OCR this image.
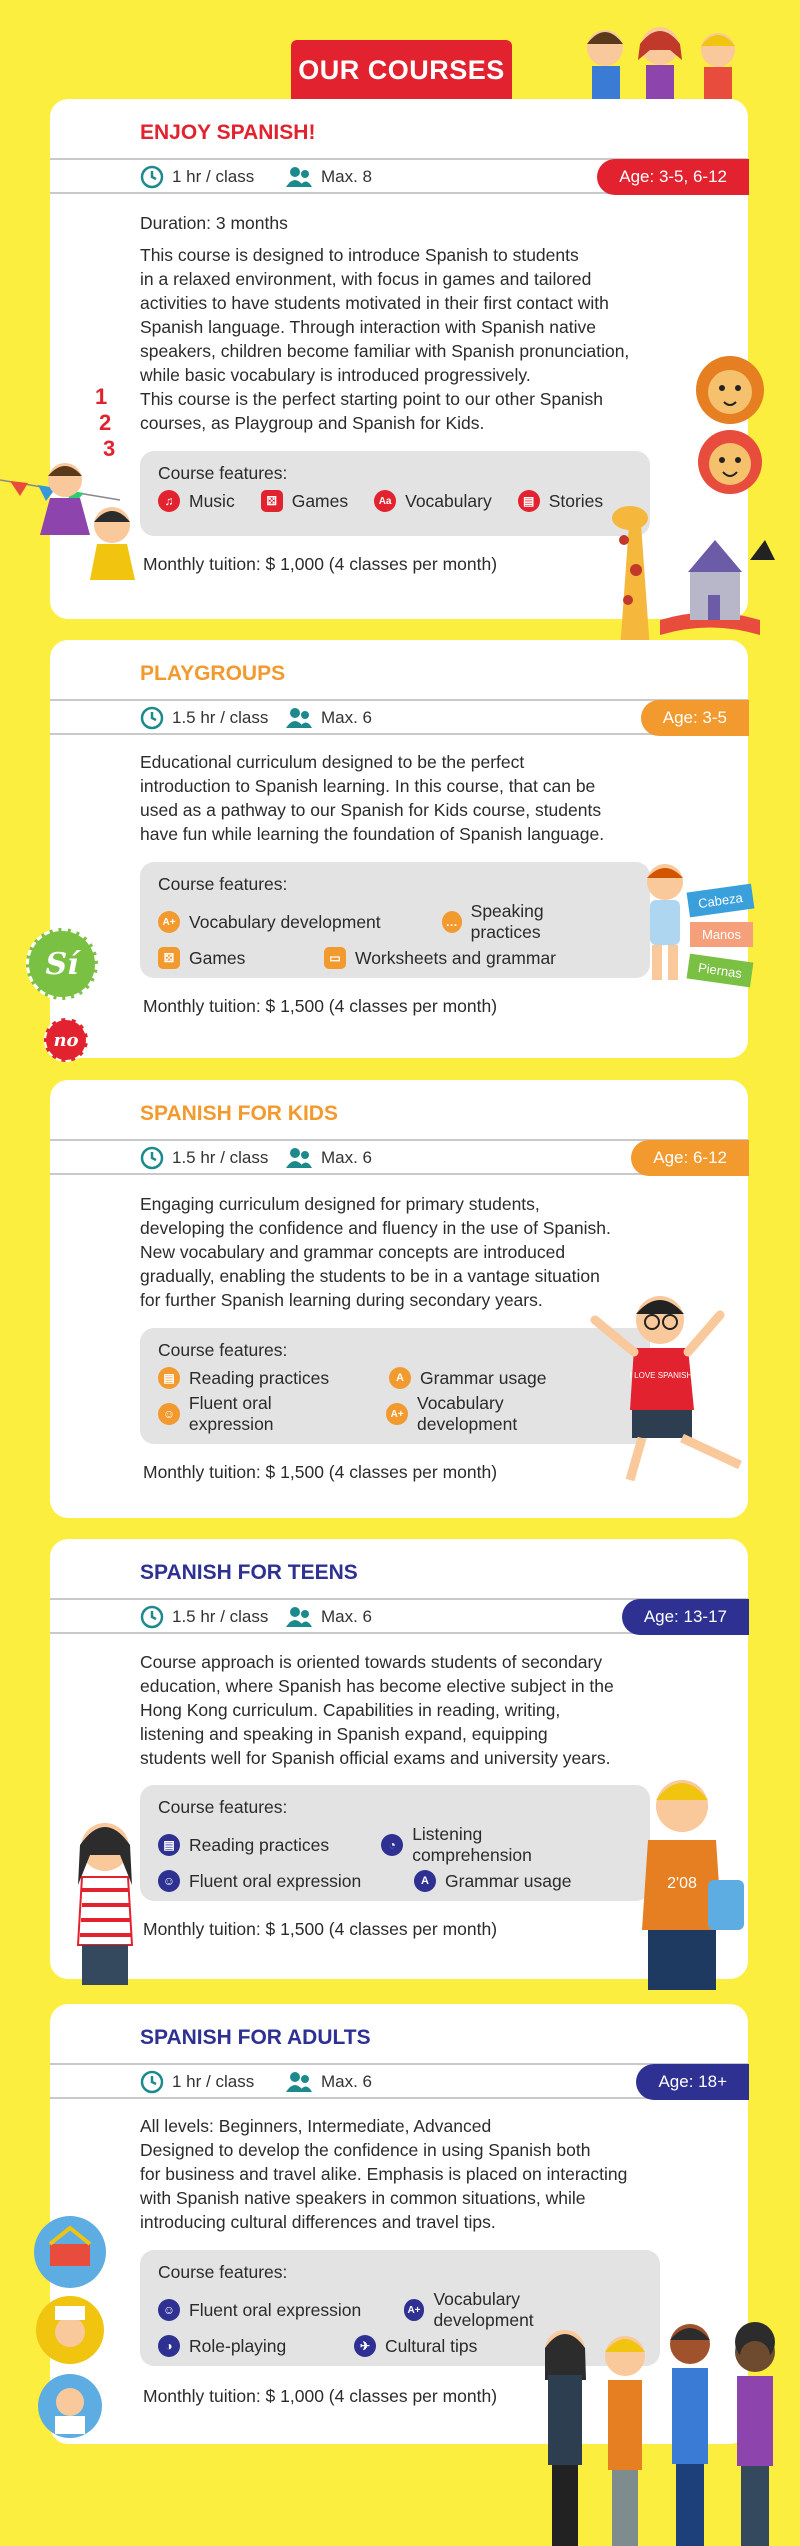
OUR COURSES
ENJOY SPANISH!
1 hr / class	Max. 8	Age: 3-5, 6-12
Duration: 3 months
This course is designed to introduce Spanish to students
in a relaxed environment, with focus in games and tailored
activities to have students motivated in their first contact with
Spanish language. Through interaction with Spanish native
speakers, children become familiar with Spanish pronunciation,
while basic vocabulary is introduced progressively.
This course is the perfect starting point to our other Spanish
courses, as Playgroup and Spanish for Kids.
Course features:
♫ Music	⚄ Games	Aa Vocabulary	▤ Stories
Monthly tuition: $ 1,000 (4 classes per month)
1
2
3
PLAYGROUPS
1.5 hr / class	Max. 6	Age: 3-5
Educational curriculum designed to be the perfect
introduction to Spanish learning. In this course, that can be
used as a pathway to our Spanish for Kids course, students
have fun while learning the foundation of Spanish language.
Course features:
A+ Vocabulary development	…
Speaking practices
⚄ Games	▭ Worksheets and grammar
Monthly tuition: $ 1,500 (4 classes per month)
Sí
no
Cabeza
Manos
Piernas
SPANISH FOR KIDS
1.5 hr / class	Max. 6	Age: 6-12
Engaging curriculum designed for primary students,
developing the confidence and fluency in the use of Spanish.
New vocabulary and grammar concepts are introduced
gradually, enabling the students to be in a vantage situation
for further Spanish learning during secondary years.
Course features:
▤ Reading practices	A Grammar usage
☺
Fluent oral expression	A+
Vocabulary development
Monthly tuition: $ 1,500 (4 classes per month)
I LOVE SPANISH
SPANISH FOR TEENS
1.5 hr / class	Max. 6	Age: 13-17
Course approach is oriented towards students of secondary
education, where Spanish has become elective subject in the
Hong Kong curriculum. Capabilities in reading, writing,
listening and speaking in Spanish expand, equipping
students well for Spanish official exams and university years.
Course features:
▤ Reading practices	◔
Listening comprehension
☺ Fluent oral expression	A Grammar usage
Monthly tuition: $ 1,500 (4 classes per month)
2'08
SPANISH FOR ADULTS
1 hr / class	Max. 6	Age: 18+
All levels: Beginners, Intermediate, Advanced
Designed to develop the confidence in using Spanish both
for business and travel alike. Emphasis is placed on interacting
with Spanish native speakers in common situations, while
introducing cultural differences and travel tips.
Course features:
☺ Fluent oral expression	A+
Vocabulary development
◑ Role-playing	✈ Cultural tips
Monthly tuition: $ 1,000 (4 classes per month)
